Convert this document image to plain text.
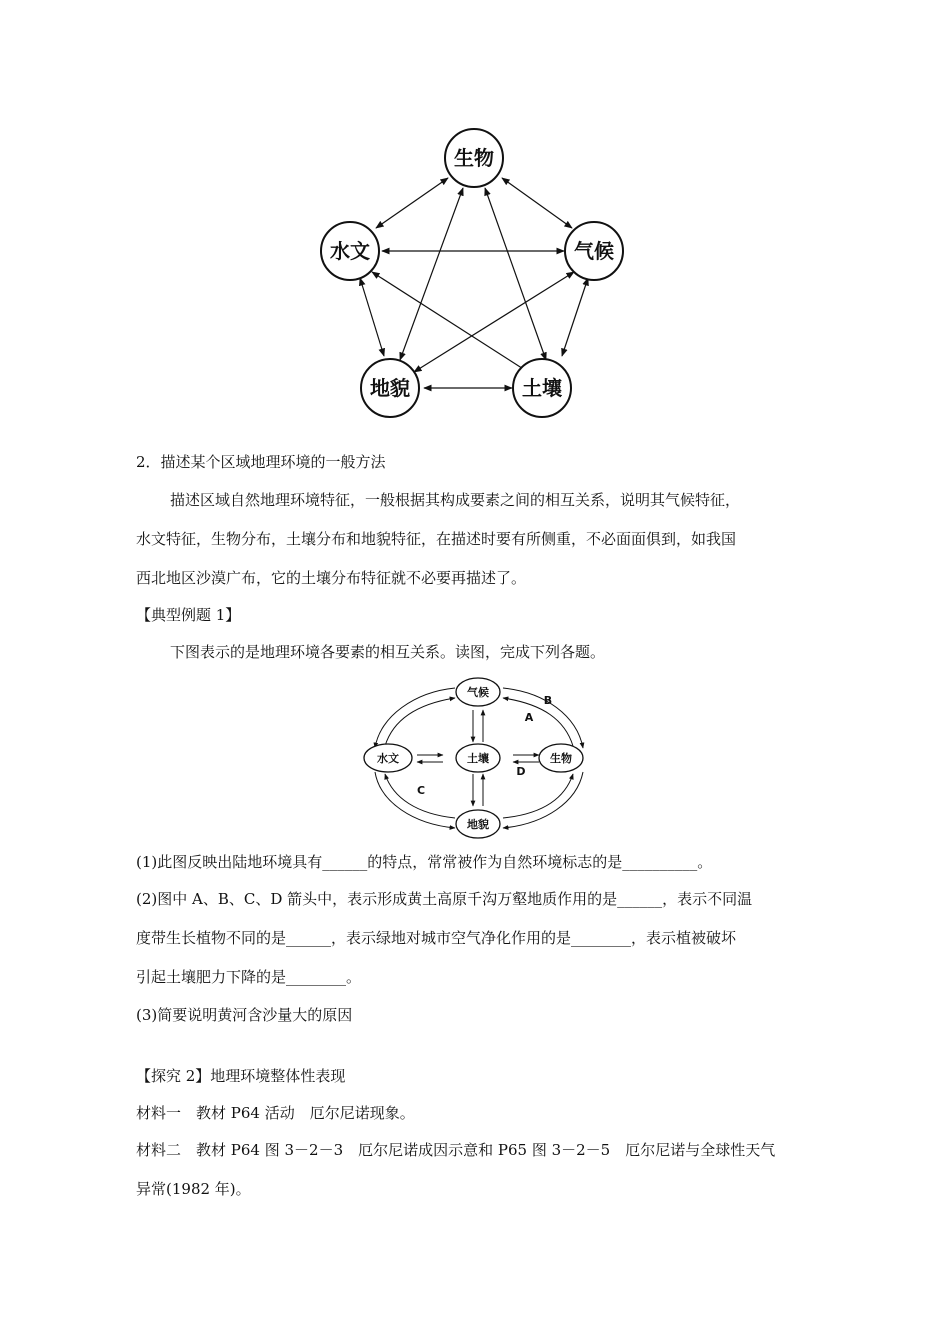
生物
水文	气候
地貌	土壤
2．描述某个区域地理环境的一般方法
描述区域自然地理环境特征，一般根据其构成要素之间的相互关系，说明其气候特征，
水文特征，生物分布，土壤分布和地貌特征，在描述时要有所侧重，不必面面俱到，如我国
西北地区沙漠广布，它的土壤分布特征就不必要再描述了。
【典型例题 1】
下图表示的是地理环境各要素的相互关系。读图，完成下列各题。
气候
水文	土壤	生物
地貌
B
A
D
C
(1)此图反映出陆地环境具有______的特点，常常被作为自然环境标志的是__________。
(2)图中 A、B、C、D 箭头中，表示形成黄土高原千沟万壑地质作用的是______，表示不同温
度带生长植物不同的是______，表示绿地对城市空气净化作用的是________，表示植被破坏
引起土壤肥力下降的是________。
(3)简要说明黄河含沙量大的原因
【探究 2】地理环境整体性表现
材料一　教材 P64 活动　厄尔尼诺现象。
材料二　教材 P64 图 3－2－3　厄尔尼诺成因示意和 P65 图 3－2－5　厄尔尼诺与全球性天气
异常(1982 年)。
